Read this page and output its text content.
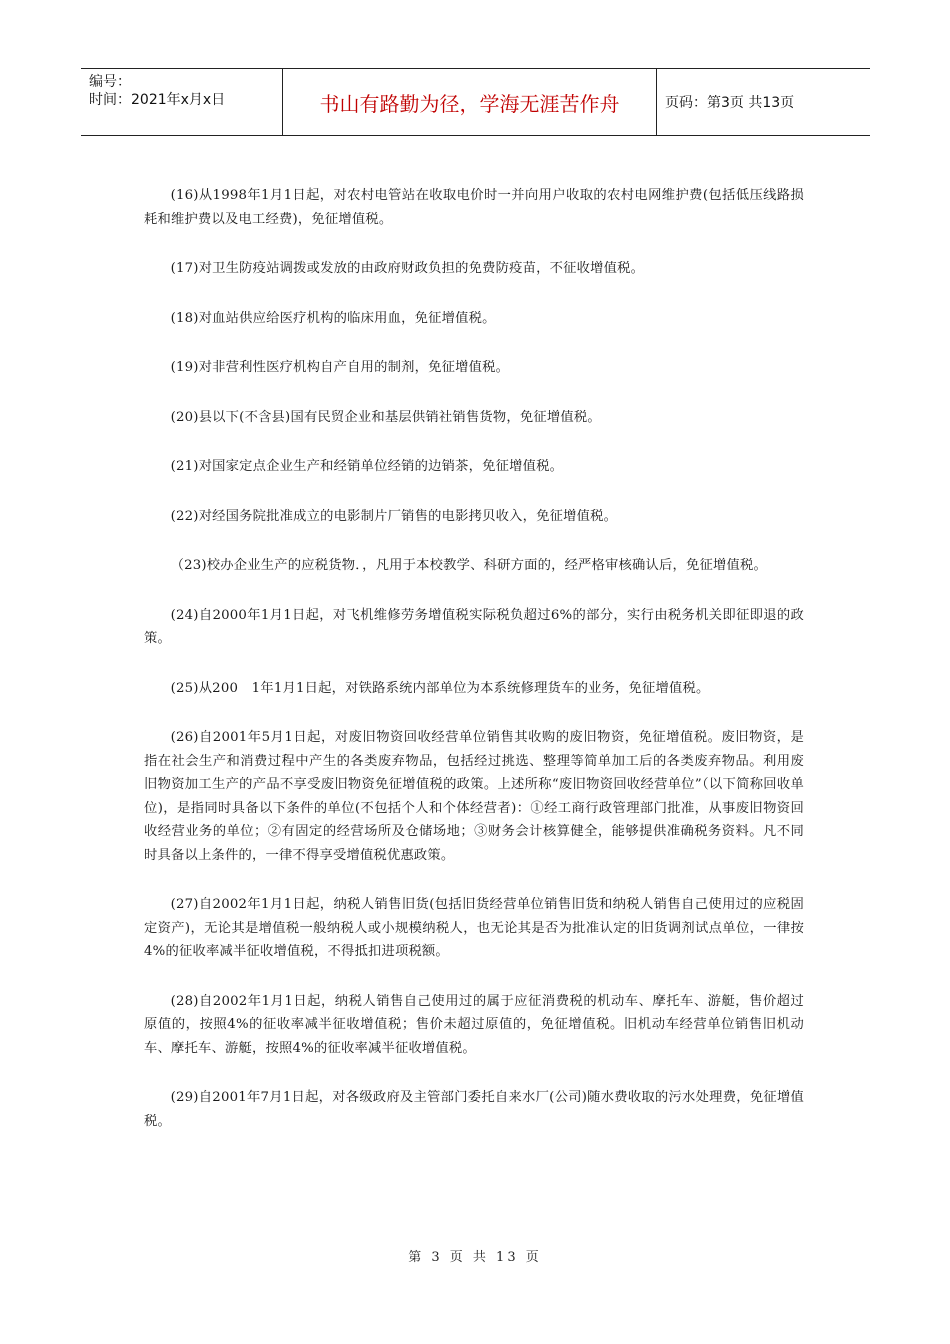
编号：
时间：2021年x月x日	书山有路勤为径，学海无涯苦作舟	页码：第3页 共13页

(16)从1998年1月1日起，对农村电管站在收取电价时一并向用户收取的农村电网维护费(包括低压线路损耗和维护费以及电工经费)，免征增值税。

(17)对卫生防疫站调拨或发放的由政府财政负担的免费防疫苗，不征收增值税。

(18)对血站供应给医疗机构的临床用血，免征增值税。

(19)对非营利性医疗机构自产自用的制剂，免征增值税。

(20)县以下(不含县)国有民贸企业和基层供销社销售货物，免征增值税。

(21)对国家定点企业生产和经销单位经销的边销茶，免征增值税。

(22)对经国务院批准成立的电影制片厂销售的电影拷贝收入，免征增值税。

（23)校办企业生产的应税货物．，凡用于本校教学、科研方面的，经严格审核确认后，免征增值税。

(24)自2000年1月1日起，对飞机维修劳务增值税实际税负超过6%的部分，实行由税务机关即征即退的政策。

(25)从200　1年1月1日起，对铁路系统内部单位为本系统修理货车的业务，免征增值税。

(26)自2001年5月1日起，对废旧物资回收经营单位销售其收购的废旧物资，免征增值税。废旧物资，是指在社会生产和消费过程中产生的各类废弃物品，包括经过挑选、整理等简单加工后的各类废弃物品。利用废旧物资加工生产的产品不享受废旧物资免征增值税的政策。上述所称“废旧物资回收经营单位”（以下简称回收单位)，是指同时具备以下条件的单位(不包括个人和个体经营者)：①经工商行政管理部门批准，从事废旧物资回收经营业务的单位；②有固定的经营场所及仓储场地；③财务会计核算健全，能够提供准确税务资料。凡不同时具备以上条件的，一律不得享受增值税优惠政策。

(27)自2002年1月1日起，纳税人销售旧货(包括旧货经营单位销售旧货和纳税人销售自己使用过的应税固定资产)，无论其是增值税一般纳税人或小规模纳税人，也无论其是否为批准认定的旧货调剂试点单位，一律按4%的征收率减半征收增值税，不得抵扣进项税额。

(28)自2002年1月1日起，纳税人销售自己使用过的属于应征消费税的机动车、摩托车、游艇，售价超过原值的，按照4%的征收率减半征收增值税；售价未超过原值的，免征增值税。旧机动车经营单位销售旧机动车、摩托车、游艇，按照4%的征收率减半征收增值税。

(29)自2001年7月1日起，对各级政府及主管部门委托自来水厂(公司)随水费收取的污水处理费，免征增值税。

第 3 页 共 13 页
